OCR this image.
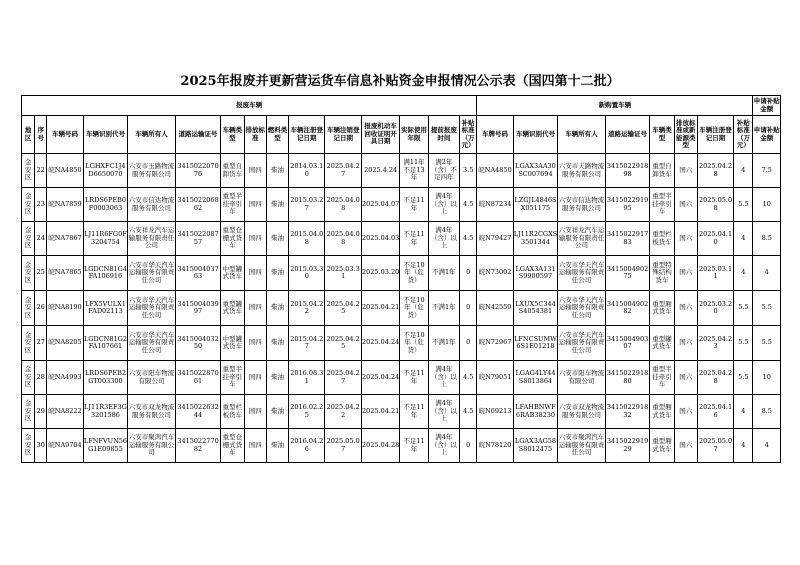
2025年报废并更新营运货车信息补贴资金申报情况公示表（国四第十二批）
报废车辆															新购置车辆								申请补贴金额
地区	序号	车辆号码	车辆识别代号	车辆所有人	道路运输证号	车辆类型	排放标准	燃料类型	车辆注册登记日期	车辆注销登记日期	报废机动车回收证明开具日期	实际使用年限	提前报废时间	补贴标准（万元）	车牌号码	车辆识别代号	车辆所有人	道路运输证号	车辆类型	排放标准或新能源类型	车辆注册登记日期	补贴标准（万元）	申请补贴金额
金安区	22	皖NA4850	LGHXFC1J4D6650070	六安市玉路物流服务有限公司	341502207076	重型自卸货车	国四	柴油	2014.03.10	2025.04.27	2025.4.24	满11年不足13年	满2年（含）不足四年	3.5	皖NA4850	LGAX3AA30SC007694	六安市天路物流服务有限公司	341502291898	重型自卸货车	国六	2025.04.28	4	7.5
金安区	23	皖NA7859	LRDS6PEB0F0003063	六安市信达物流服务有限公司	341502206862	重型半挂牵引车	国四	柴油	2015.03.27	2025.04.08	2025.04.07	不足11年	满4年（含）以上	4.5	皖N87234	LZGJL4846SX051175	六安市信达物流服务有限公司	341502291995	重型半挂牵引车	国六	2025.05.08	5.5	10
金安区	24	皖NA7867	LJ11R6FG0F3204754	六安祥龙汽车运输服务有限责任公司	341502208757	重型仓栅式货车	国四	柴油	2015.04.08	2025.04.08	2025.04.03	不足11年	满4年（含）以上	4.5	皖N79427	LJ11R2CGXS3501344	六安祥龙汽车运输服务有限责任公司	341502291783	重型栏板货车	国六	2025.04.10	4	8.5
金安区	25	皖NA7865	LGDCN81G4FA106916	六安市华天汽车运输服务有限责任公司	341500403763	中型罐式货车	国四	柴油	2015.03.30	2025.03.31	2025.03.20	不足10年（危货）	不满1年	0	皖N73002	LGAX3A131S9900597	六安市华天汽车运输服务有限责任公司	341500490275	重型特殊结构货车	国六	2025.03.11	4	4
金安区	26	皖NA8190	LFX5VULX1FAD02113	六安市华天汽车运输服务有限责任公司	341500403997	重型罐式货车	国四	柴油	2015.04.22	2025.04.25	2025.04.21	不足10年（危货）	不满1年	0	皖N42550	LXUX5C344S4054381	六安市华天汽车运输服务有限责任公司	341500490282	重型厢式货车	国六	2025.03.20	5.5	5.5
金安区	27	皖NA8205	LGDCN81G2FA107661	六安市华天汽车运输服务有限责任公司	341500403250	中型罐式货车	国四	柴油	2015.04.27	2025.04.25	2025.04.24	不足10年（危货）	不满1年	0	皖N72967	LFNCSUMW6S1E01218	六安市华天汽车运输服务有限责任公司	341500490307	重型罐式货车	国六	2025.04.23	5.5	5.5
金安区	28	皖NA4993	LRDS6PEB2GT003300	六安市阳车物流有限公司	341502287061	重型半挂牵引车	国四	柴油	2016.08.31	2025.04.27	2025.04.24	不足11年	满4年（含）以上	4.5	皖N79051	LGAG4LY44S8013864	六安市阳车物流有限公司	341502291880	重型半挂牵引车	国六	2025.04.28	5.5	10
金安区	29	皖NA8222	LJ11R3EF3G3201586	六安市双龙物流服务有限公司	341502263244	重型栏板货车	国四	柴油	2016.02.25	2025.04.22	2025.04.21	不足11年	满4年（含）以上	4.5	皖N69213	LFAHBNWF6RAB38230	六安市双龙物流服务有限公司	341502291832	重型厢式货车	国六	2025.04.16	4	8.5
金安区	30	皖NA9704	LFNFVUN56G1E09855	六安市聚鸿汽车运输服务有限公司	341502277082	重型仓栅式货车	国四	柴油	2016.04.26	2025.05.07	2025.04.28	不足11年	满4年（含）以上	0	皖N78120	LGAX3AG58S8012475	六安市聚鸿汽车运输服务有限责任公司	341502291929	重型厢式货车	国六	2025.05.07	4	4
